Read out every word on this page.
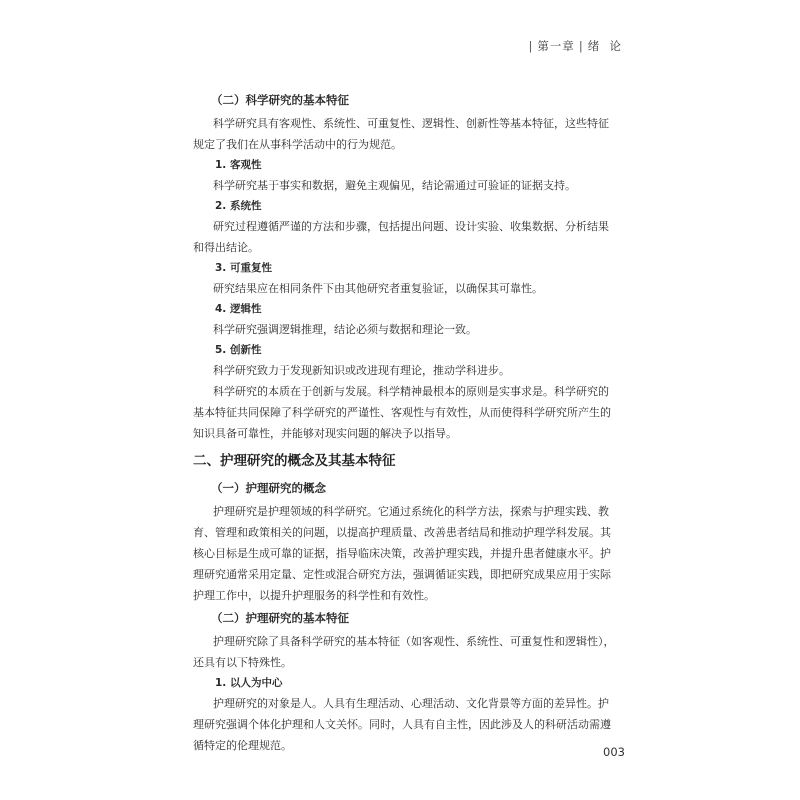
| 第一章 | 绪  论

（二）科学研究的基本特征

科学研究具有客观性、系统性、可重复性、逻辑性、创新性等基本特征，这些特征

规定了我们在从事科学活动中的行为规范。

1. 客观性

科学研究基于事实和数据，避免主观偏见，结论需通过可验证的证据支持。

2. 系统性

研究过程遵循严谨的方法和步骤，包括提出问题、设计实验、收集数据、分析结果

和得出结论。

3. 可重复性

研究结果应在相同条件下由其他研究者重复验证，以确保其可靠性。

4. 逻辑性

科学研究强调逻辑推理，结论必须与数据和理论一致。

5. 创新性

科学研究致力于发现新知识或改进现有理论，推动学科进步。

科学研究的本质在于创新与发展。科学精神最根本的原则是实事求是。科学研究的

基本特征共同保障了科学研究的严谨性、客观性与有效性，从而使得科学研究所产生的

知识具备可靠性，并能够对现实问题的解决予以指导。

二、护理研究的概念及其基本特征

（一）护理研究的概念

护理研究是护理领域的科学研究。它通过系统化的科学方法，探索与护理实践、教

育、管理和政策相关的问题，以提高护理质量、改善患者结局和推动护理学科发展。其

核心目标是生成可靠的证据，指导临床决策，改善护理实践，并提升患者健康水平。护

理研究通常采用定量、定性或混合研究方法，强调循证实践，即把研究成果应用于实际

护理工作中，以提升护理服务的科学性和有效性。

（二）护理研究的基本特征

护理研究除了具备科学研究的基本特征（如客观性、系统性、可重复性和逻辑性），

还具有以下特殊性。

1. 以人为中心

护理研究的对象是人。人具有生理活动、心理活动、文化背景等方面的差异性。护

理研究强调个体化护理和人文关怀。同时，人具有自主性，因此涉及人的科研活动需遵

循特定的伦理规范。	003
